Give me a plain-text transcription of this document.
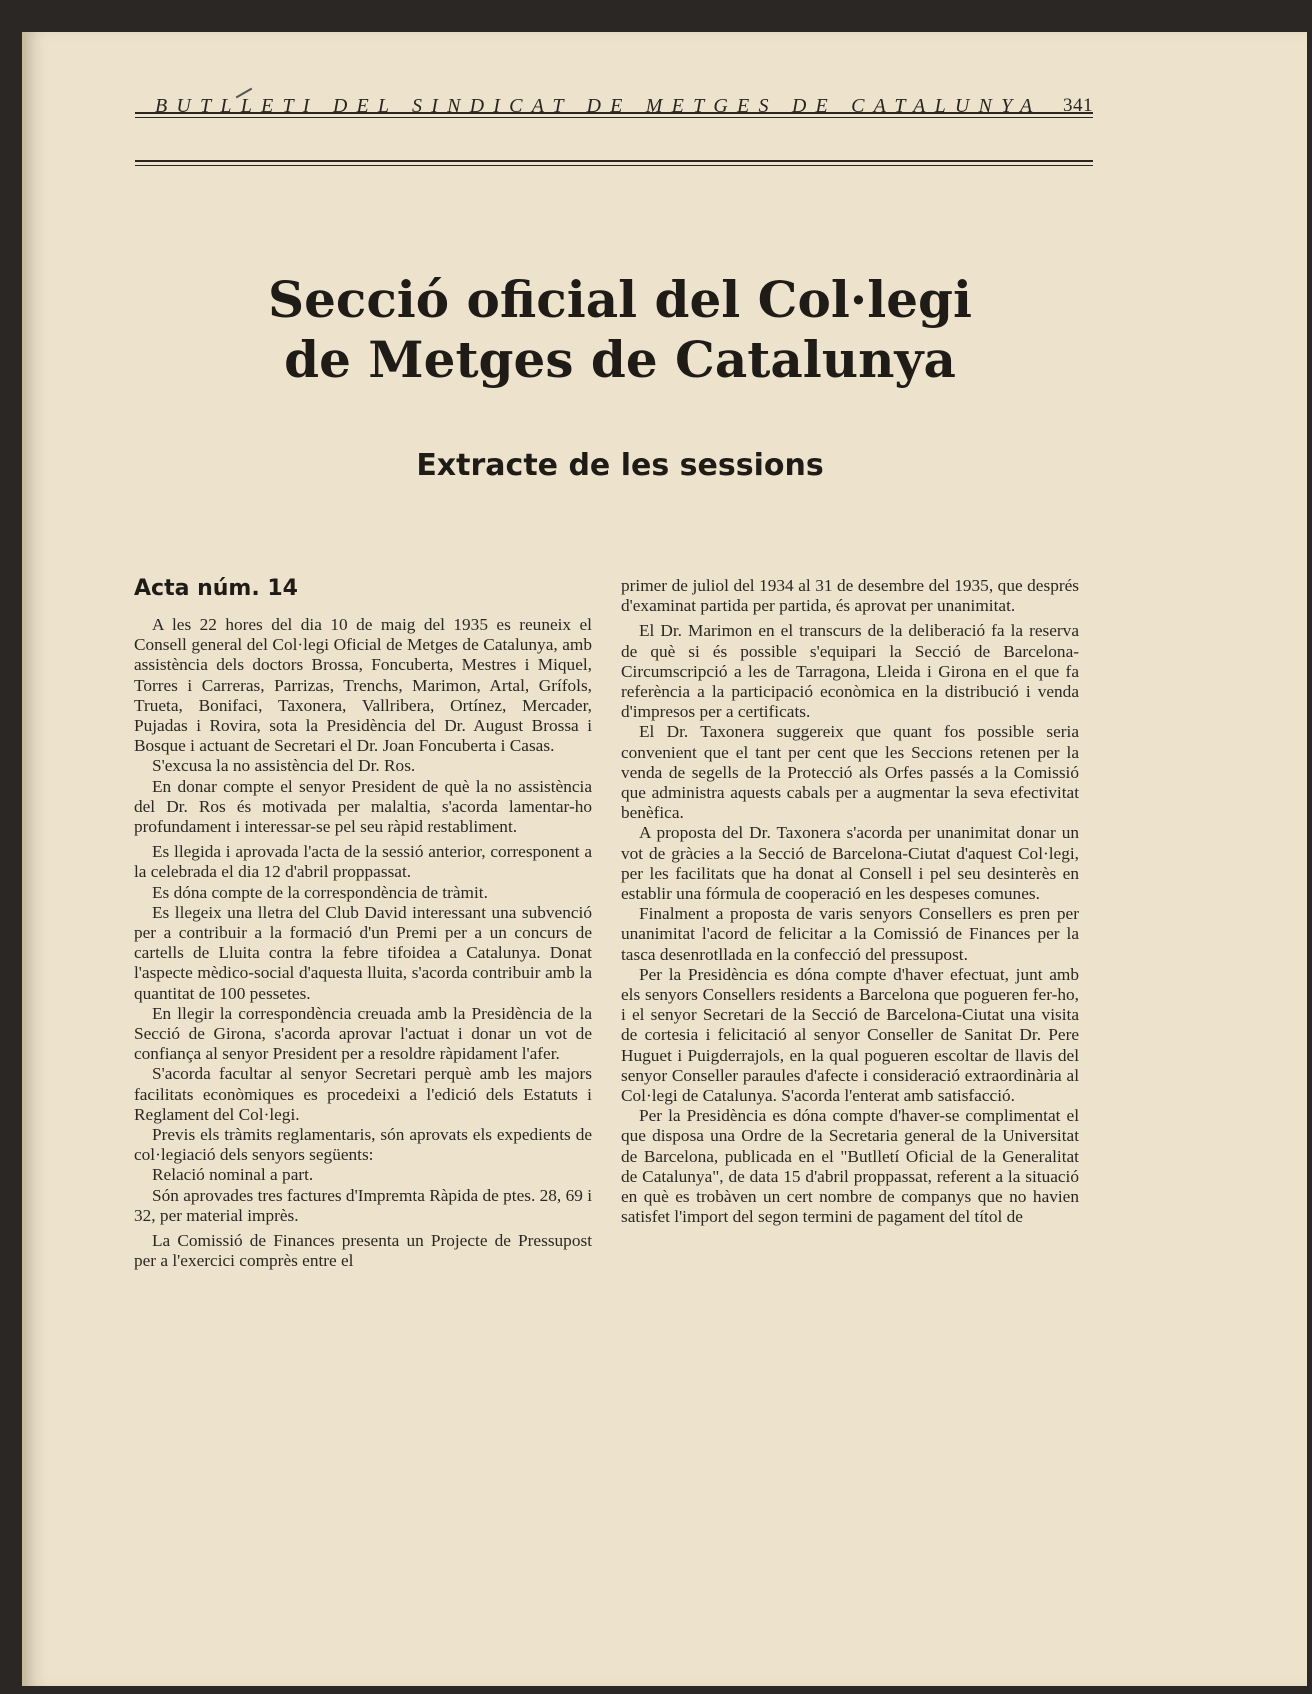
BUTLLETI DEL SINDICAT DE METGES DE CATALUNYA 341
Secció oficial del Col·legi
de Metges de Catalunya
Extracte de les sessions
Acta núm. 14

A les 22 hores del dia 10 de maig del 1935 es reuneix el Consell general del Col·legi Oficial de Metges de Catalunya, amb assistència dels doctors Brossa, Foncuberta, Mestres i Miquel, Torres i Carreras, Parrizas, Trenchs, Marimon, Artal, Grífols, Trueta, Bonifaci, Taxonera, Vallribera, Ortínez, Mercader, Pujadas i Rovira, sota la Presidència del Dr. August Brossa i Bosque i actuant de Secretari el Dr. Joan Foncuberta i Casas.

S'excusa la no assistència del Dr. Ros.

En donar compte el senyor President de què la no assistència del Dr. Ros és motivada per malaltia, s'acorda lamentar-ho profundament i interessar-se pel seu ràpid restabliment.

Es llegida i aprovada l'acta de la sessió anterior, corresponent a la celebrada el dia 12 d'abril proppassat.

Es dóna compte de la correspondència de tràmit.

Es llegeix una lletra del Club David interessant una subvenció per a contribuir a la formació d'un Premi per a un concurs de cartells de Lluita contra la febre tifoidea a Catalunya. Donat l'aspecte mèdico-social d'aquesta lluita, s'acorda contribuir amb la quantitat de 100 pessetes.

En llegir la correspondència creuada amb la Presidència de la Secció de Girona, s'acorda aprovar l'actuat i donar un vot de confiança al senyor President per a resoldre ràpidament l'afer.

S'acorda facultar al senyor Secretari perquè amb les majors facilitats econòmiques es procedeixi a l'edició dels Estatuts i Reglament del Col·legi.

Previs els tràmits reglamentaris, són aprovats els expedients de col·legiació dels senyors següents:

Relació nominal a part.

Són aprovades tres factures d'Impremta Ràpida de ptes. 28, 69 i 32, per material imprès.

La Comissió de Finances presenta un Projecte de Pressupost per a l'exercici comprès entre el

primer de juliol del 1934 al 31 de desembre del 1935, que després d'examinat partida per partida, és aprovat per unanimitat.

El Dr. Marimon en el transcurs de la deliberació fa la reserva de què si és possible s'equipari la Secció de Barcelona-Circumscripció a les de Tarragona, Lleida i Girona en el que fa referència a la participació econòmica en la distribució i venda d'impresos per a certificats.

El Dr. Taxonera suggereix que quant fos possible seria convenient que el tant per cent que les Seccions retenen per la venda de segells de la Protecció als Orfes passés a la Comissió que administra aquests cabals per a augmentar la seva efectivitat benèfica.

A proposta del Dr. Taxonera s'acorda per unanimitat donar un vot de gràcies a la Secció de Barcelona-Ciutat d'aquest Col·legi, per les facilitats que ha donat al Consell i pel seu desinterès en establir una fórmula de cooperació en les despeses comunes.

Finalment a proposta de varis senyors Consellers es pren per unanimitat l'acord de felicitar a la Comissió de Finances per la tasca desenrotllada en la confecció del pressupost.

Per la Presidència es dóna compte d'haver efectuat, junt amb els senyors Consellers residents a Barcelona que pogueren fer-ho, i el senyor Secretari de la Secció de Barcelona-Ciutat una visita de cortesia i felicitació al senyor Conseller de Sanitat Dr. Pere Huguet i Puigderrajols, en la qual pogueren escoltar de llavis del senyor Conseller paraules d'afecte i consideració extraordinària al Col·legi de Catalunya. S'acorda l'enterat amb satisfacció.

Per la Presidència es dóna compte d'haver-se complimentat el que disposa una Ordre de la Secretaria general de la Universitat de Barcelona, publicada en el "Butlletí Oficial de la Generalitat de Catalunya", de data 15 d'abril proppassat, referent a la situació en què es trobàven un cert nombre de companys que no havien satisfet l'import del segon termini de pagament del títol de
